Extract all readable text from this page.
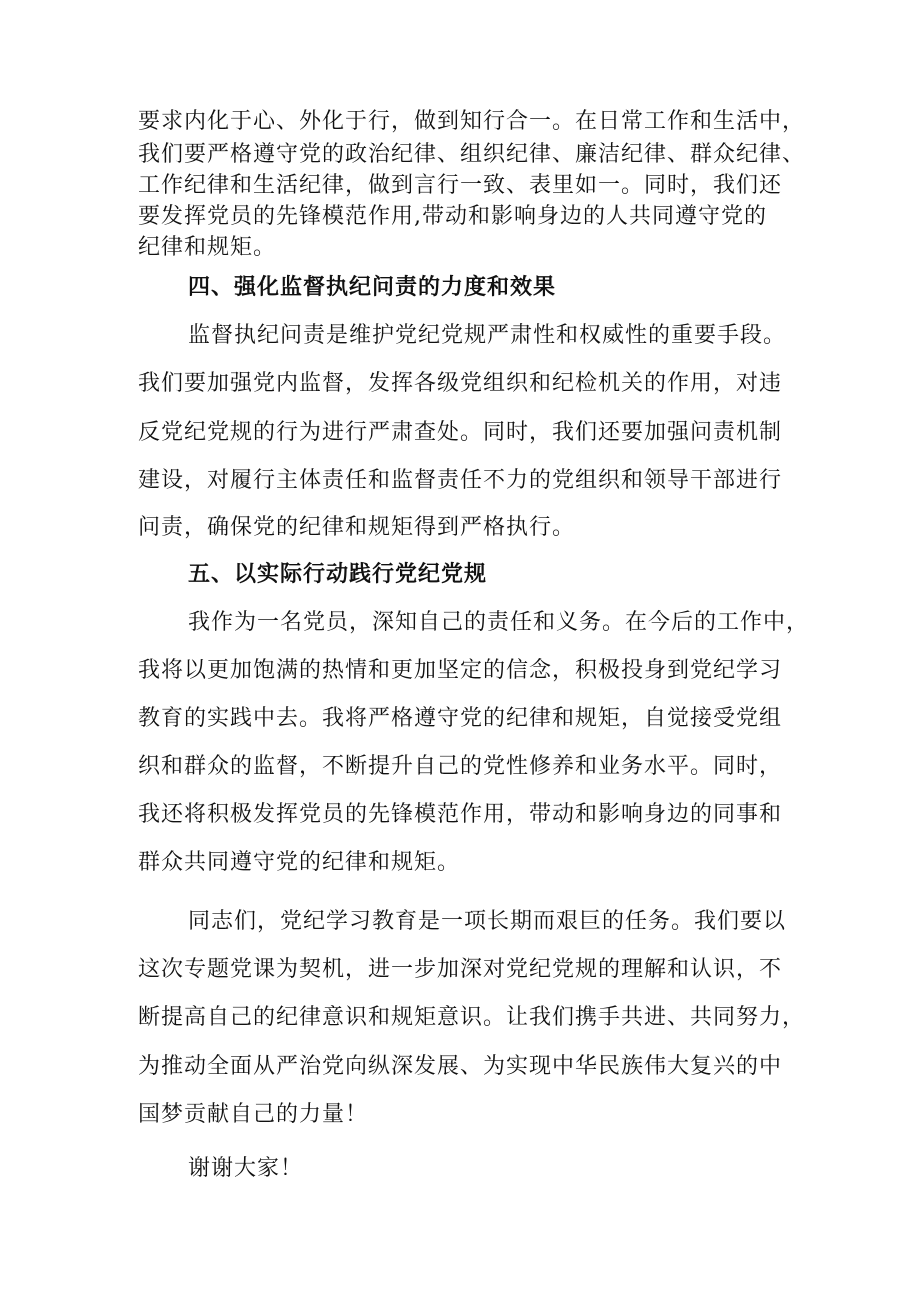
要求内化于心、外化于行，做到知行合一。在日常工作和生活中，
我们要严格遵守党的政治纪律、组织纪律、廉洁纪律、群众纪律、
工作纪律和生活纪律，做到言行一致、表里如一。同时，我们还
要发挥党员的先锋模范作用,带动和影响身边的人共同遵守党的
纪律和规矩。
四、强化监督执纪问责的力度和效果
监督执纪问责是维护党纪党规严肃性和权威性的重要手段。
我们要加强党内监督，发挥各级党组织和纪检机关的作用，对违
反党纪党规的行为进行严肃查处。同时，我们还要加强问责机制
建设，对履行主体责任和监督责任不力的党组织和领导干部进行
问责，确保党的纪律和规矩得到严格执行。
五、以实际行动践行党纪党规
我作为一名党员，深知自己的责任和义务。在今后的工作中，
我将以更加饱满的热情和更加坚定的信念，积极投身到党纪学习
教育的实践中去。我将严格遵守党的纪律和规矩，自觉接受党组
织和群众的监督，不断提升自己的党性修养和业务水平。同时，
我还将积极发挥党员的先锋模范作用，带动和影响身边的同事和
群众共同遵守党的纪律和规矩。
同志们，党纪学习教育是一项长期而艰巨的任务。我们要以
这次专题党课为契机，进一步加深对党纪党规的理解和认识，不
断提高自己的纪律意识和规矩意识。让我们携手共进、共同努力，
为推动全面从严治党向纵深发展、为实现中华民族伟大复兴的中
国梦贡献自己的力量！
谢谢大家！
